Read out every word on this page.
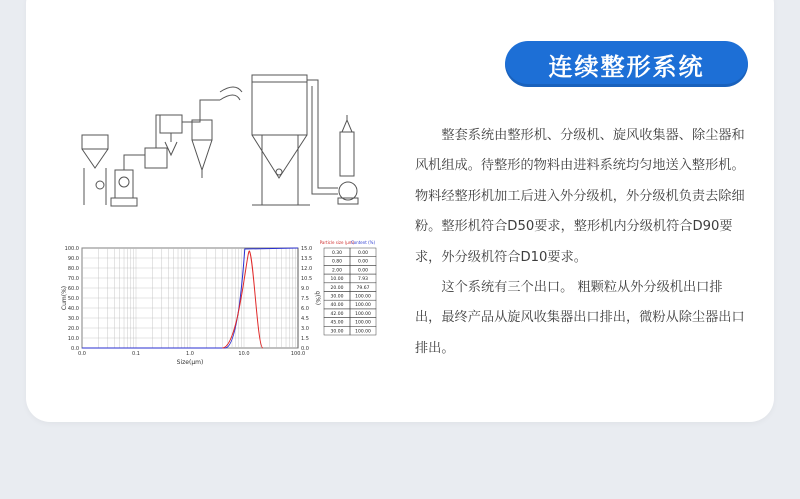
连续整形系统
100.0	15.0
90.0	13.5
80.0	12.0
70.0	10.5
60.0	9.0
50.0	7.5
40.0	6.0
30.0	4.5
20.0	3.0
10.0	1.5
0.0	0.0
0.0	0.1	1.0	10.0	100.0
Size(μm)
Cum(%)	q(%)
Particle size (μm)
Content (%)
0.30	0.00
0.80	0.00
2.00	0.00
10.00	7.93
20.00	79.67
30.00	100.00
40.00	100.00
42.00	100.00
45.00	100.00
30.00	100.00

整套系统由整形机、分级机、旋风收集器、除尘器和风机组成。待整形的物料由进料系统均匀地送入整形机。物料经整形机加工后进入外分级机，外分级机负责去除细粉。整形机符合D50要求，整形机内分级机符合D90要求，外分级机符合D10要求。

这个系统有三个出口。 粗颗粒从外分级机出口排出，最终产品从旋风收集器出口排出，微粉从除尘器出口排出。
